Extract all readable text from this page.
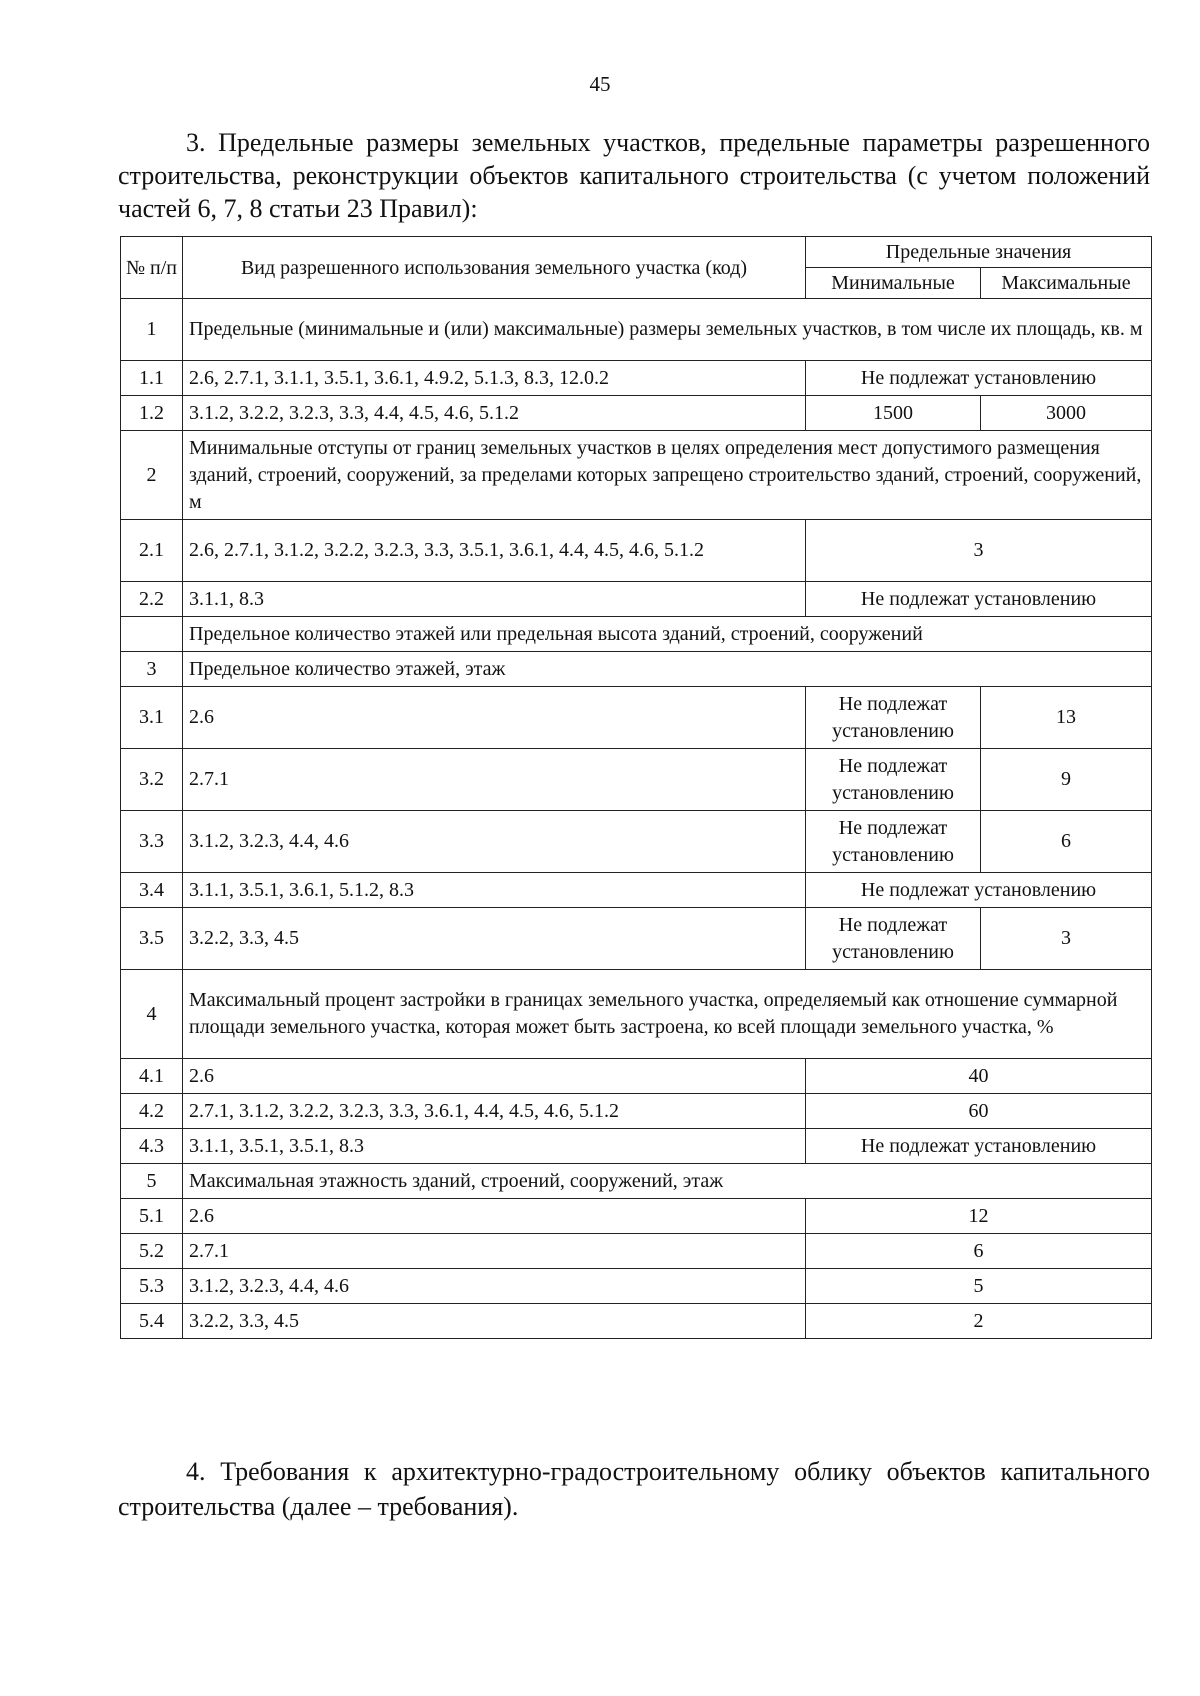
45

3. Предельные размеры земельных участков, предельные параметры разрешенного строительства, реконструкции объектов капитального строительства (с учетом положений частей 6, 7, 8 статьи 23 Правил):

№ п/п	Вид разрешенного использования земельного участка (код)	Предельные значения	
		Минимальные	Максимальные
1	Предельные (минимальные и (или) максимальные) размеры земельных участков, в том числе их площадь, кв. м		
1.1	2.6, 2.7.1, 3.1.1, 3.5.1, 3.6.1, 4.9.2, 5.1.3, 8.3, 12.0.2	Не подлежат установлению	
1.2	3.1.2, 3.2.2, 3.2.3, 3.3, 4.4, 4.5, 4.6, 5.1.2	1500	3000
2	Минимальные отступы от границ земельных участков в целях определения мест допустимого размещения зданий, строений, сооружений, за пределами которых запрещено строительство зданий, строений, сооружений, м		
2.1	2.6, 2.7.1, 3.1.2, 3.2.2, 3.2.3, 3.3, 3.5.1, 3.6.1, 4.4, 4.5, 4.6, 5.1.2	3	
2.2	3.1.1, 8.3	Не подлежат установлению	
	Предельное количество этажей или предельная высота зданий, строений, сооружений		
3	Предельное количество этажей, этаж		
3.1	2.6	Не подлежат установлению	13
3.2	2.7.1	Не подлежат установлению	9
3.3	3.1.2, 3.2.3, 4.4, 4.6	Не подлежат установлению	6
3.4	3.1.1, 3.5.1, 3.6.1, 5.1.2, 8.3	Не подлежат установлению	
3.5	3.2.2, 3.3, 4.5	Не подлежат установлению	3
4	Максимальный процент застройки в границах земельного участка, определяемый как отношение суммарной площади земельного участка, которая может быть застроена, ко всей площади земельного участка, %		
4.1	2.6	40	
4.2	2.7.1, 3.1.2, 3.2.2, 3.2.3, 3.3, 3.6.1, 4.4, 4.5, 4.6, 5.1.2	60	
4.3	3.1.1, 3.5.1, 3.5.1, 8.3	Не подлежат установлению	
5	Максимальная этажность зданий, строений, сооружений, этаж		
5.1	2.6	12	
5.2	2.7.1	6	
5.3	3.1.2, 3.2.3, 4.4, 4.6	5	
5.4	3.2.2, 3.3, 4.5	2	

4. Требования к архитектурно-градостроительному облику объектов капитального строительства (далее – требования).
